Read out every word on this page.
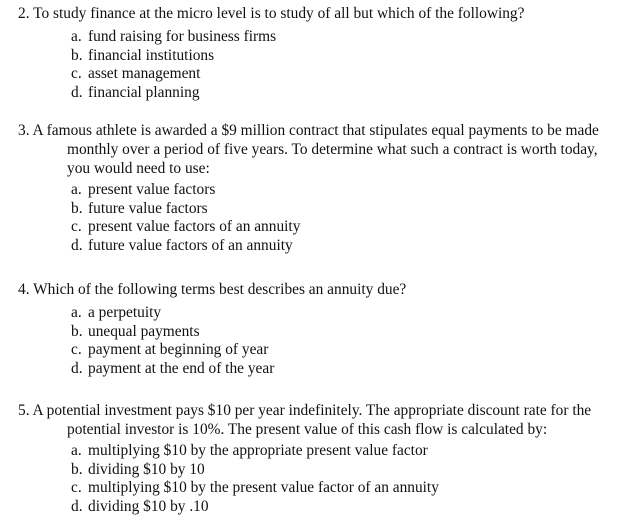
2. To study finance at the micro level is to study of all but which of the following?
a. fund raising for business firms
b. financial institutions
c. asset management
d. financial planning
3. A famous athlete is awarded a $9 million contract that stipulates equal payments to be made monthly over a period of five years. To determine what such a contract is worth today, you would need to use:
a. present value factors
b. future value factors
c. present value factors of an annuity
d. future value factors of an annuity
4. Which of the following terms best describes an annuity due?
a. a perpetuity
b. unequal payments
c. payment at beginning of year
d. payment at the end of the year
5. A potential investment pays $10 per year indefinitely. The appropriate discount rate for the potential investor is 10%. The present value of this cash flow is calculated by:
a. multiplying $10 by the appropriate present value factor
b. dividing $10 by 10
c. multiplying $10 by the present value factor of an annuity
d. dividing $10 by .10
